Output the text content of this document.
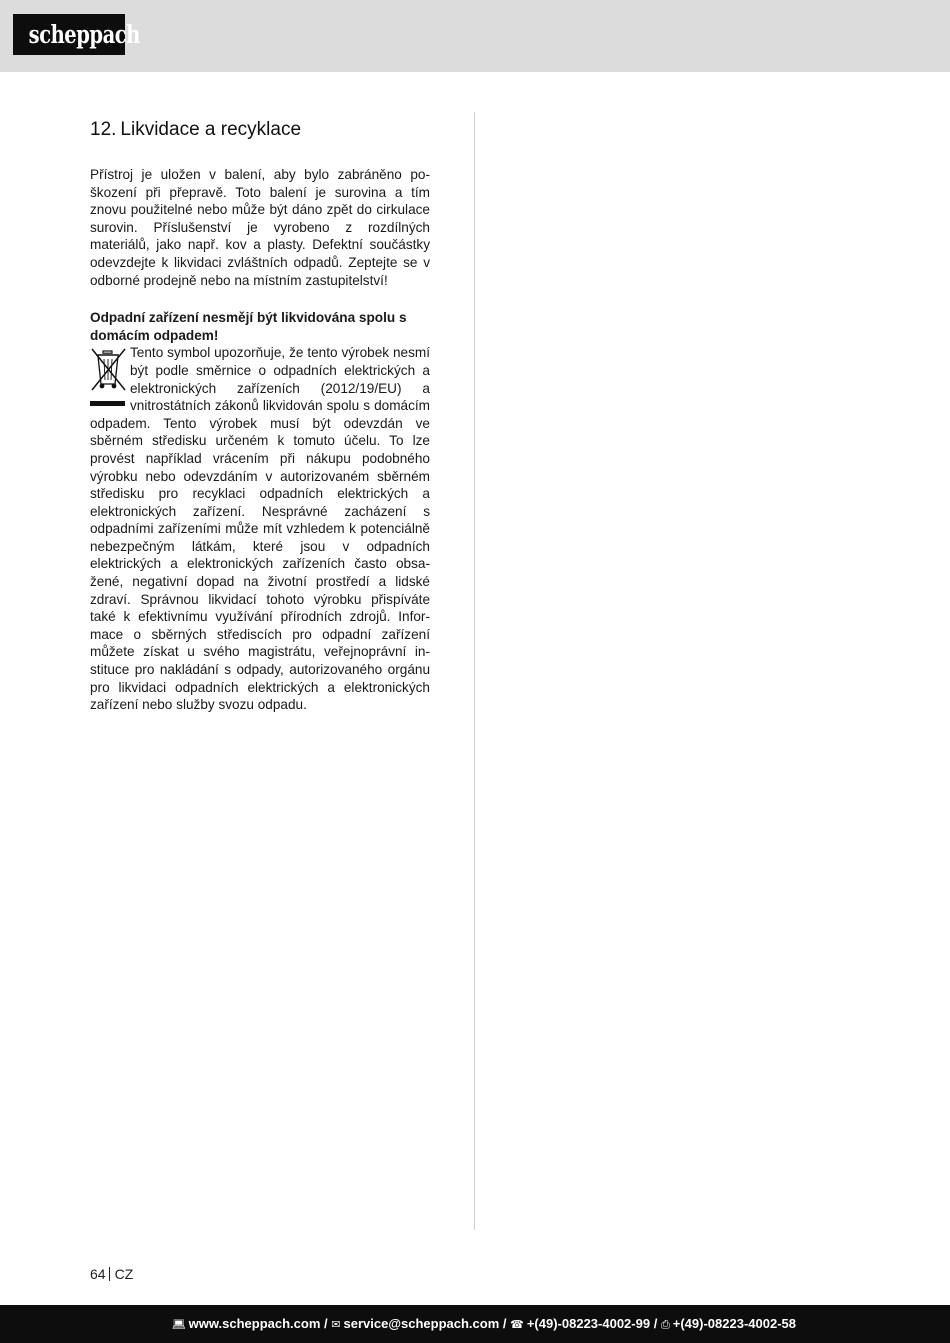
scheppach
12. Likvidace a recyklace

Přístroj je uložen v balení, aby bylo zabráněno poškození při přepravě. Toto balení je surovina a tím znovu použitelné nebo může být dáno zpět do cirkulace surovin. Příslušenství je vyrobeno z rozdílných materiálů, jako např. kov a plasty. Defektní součástky odevzdejte k likvidaci zvláštních odpadů. Zeptejte se v odborné prodejně nebo na místním zastupitelství!

Odpadní zařízení nesmějí být likvidována spolu s domácím odpadem!

Tento symbol upozorňuje, že tento výrobek nesmí být podle směrnice o odpadních elektrických a elektronických zařízeních (2012/19/EU) a vnitrostátních zákonů likvidován spolu s domácím odpadem. Tento výrobek musí být odevzdán ve sběrném středisku určeném k tomuto účelu. To lze provést například vrácením při nákupu podobného výrobku nebo odevzdáním v autorizovaném sběrném středisku pro recyklaci odpadních elektrických a elektronických zařízení. Nesprávné zacházení s odpadními zařízeními může mít vzhledem k potenciálně nebezpečným látkám, které jsou v odpadních elektrických a elektronických zařízeních často obsažené, negativní dopad na životní prostředí a lidské zdraví. Správnou likvidací tohoto výrobku přispíváte také k efektivnímu využívání přírodních zdrojů. Informace o sběrných střediscích pro odpadní zařízení můžete získat u svého magistrátu, veřejnoprávní instituce pro nakládání s odpady, autorizovaného orgánu pro likvidaci odpadních elektrických a elektronických zařízení nebo služby svozu odpadu.
64 CZ
💻︎ www.scheppach.com / ✉︎ service@scheppach.com / ☎︎ +(49)-08223-4002-99 / ⎙ +(49)-08223-4002-58
